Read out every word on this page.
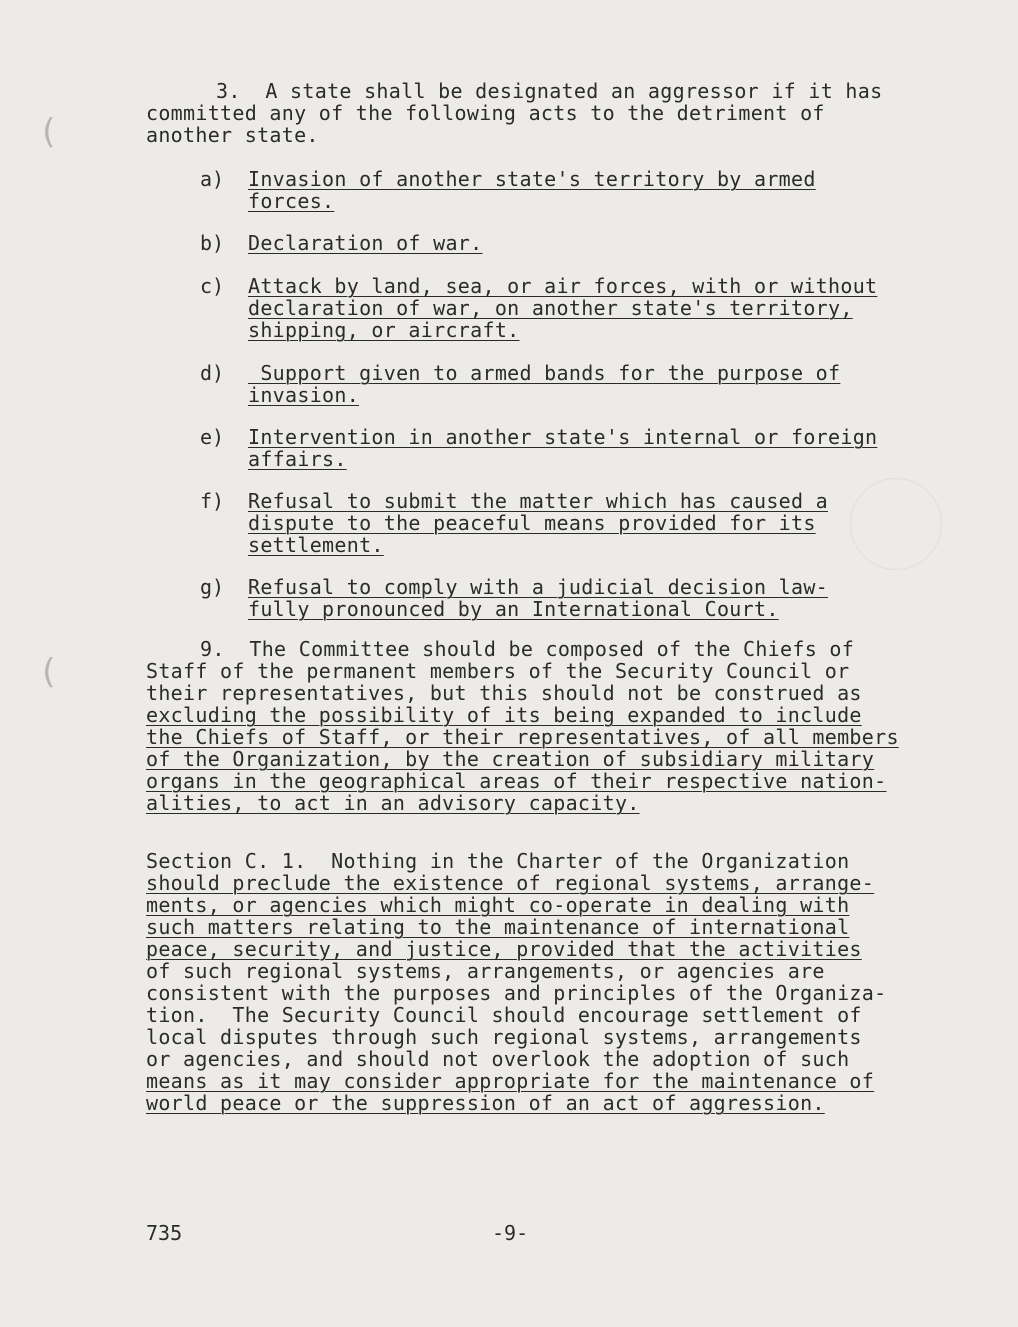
(
(
3.  A state shall be designated an aggressor if it has
committed any of the following acts to the detriment of
another state.
a) Invasion of another state's territory by armed
forces.
b) Declaration of war.
c) Attack by land, sea, or air forces, with or without
declaration of war, on another state's territory,
shipping, or aircraft.
d) Support given to armed bands for the purpose of
invasion.
e) Intervention in another state's internal or foreign
affairs.
f) Refusal to submit the matter which has caused a
dispute to the peaceful means provided for its
settlement.
g) Refusal to comply with a judicial decision law-
fully pronounced by an International Court.
9.  The Committee should be composed of the Chiefs of
Staff of the permanent members of the Security Council or
their representatives, but this should not be construed as
excluding the possibility of its being expanded to include
the Chiefs of Staff, or their representatives, of all members
of the Organization, by the creation of subsidiary military
organs in the geographical areas of their respective nation-
alities, to act in an advisory capacity.
Section C. 1.  Nothing in the Charter of the Organization
should preclude the existence of regional systems, arrange-
ments, or agencies which might co-operate in dealing with
such matters relating to the maintenance of international
peace, security, and justice, provided that the activities
of such regional systems, arrangements, or agencies are
consistent with the purposes and principles of the Organiza-
tion.  The Security Council should encourage settlement of
local disputes through such regional systems, arrangements
or agencies, and should not overlook the adoption of such
means as it may consider appropriate for the maintenance of
world peace or the suppression of an act of aggression.
735	-9-
